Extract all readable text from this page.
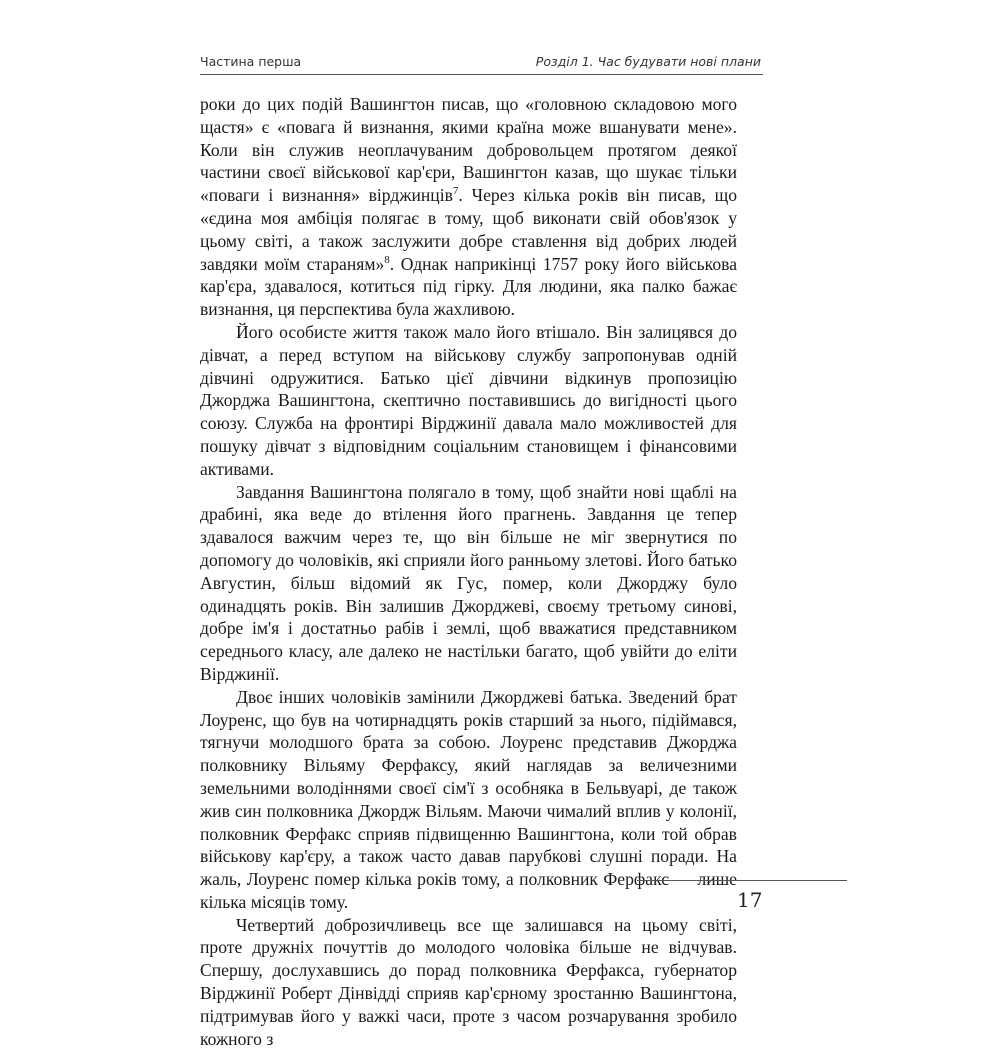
Частина перша	Розділ 1. Час будувати нові плани

роки до цих подій Вашингтон писав, що «головною складовою мого щастя» є «повага й визнання, якими країна може вшанувати мене». Коли він служив неоплачуваним добровольцем протягом деякої частини своєї військової кар'єри, Вашингтон казав, що шукає тільки «поваги і визнання» вірджинців$^7$. Через кілька років він писав, що «єдина моя амбіція полягає в тому, щоб виконати свій обов'язок у цьому світі, а також заслужити добре ставлення від добрих людей завдяки моїм стараням»$^8$. Однак наприкінці 1757 року його військова кар'єра, здавалося, котиться під гірку. Для людини, яка палко бажає визнання, ця перспектива була жахливою.

Його особисте життя також мало його втішало. Він залицявся до дівчат, а перед вступом на військову службу запропонував одній дівчині одружитися. Батько цієї дівчини відкинув пропозицію Джорджа Вашингтона, скептично поставившись до вигідності цього союзу. Служба на фронтирі Вірджинії давала мало можливостей для пошуку дівчат з відповідним соціальним становищем і фінансовими активами.

Завдання Вашингтона полягало в тому, щоб знайти нові щаблі на драбині, яка веде до втілення його прагнень. Завдання це тепер здавалося важчим через те, що він більше не міг звернутися по допомогу до чоловіків, які сприяли його ранньому злетові. Його батько Августин, більш відомий як Гус, помер, коли Джорджу було одинадцять років. Він залишив Джорджеві, своєму третьому синові, добре ім'я і достатньо рабів і землі, щоб вважатися представником середнього класу, але далеко не настільки багато, щоб увійти до еліти Вірджинії.

Двоє інших чоловіків замінили Джорджеві батька. Зведений брат Лоуренс, що був на чотирнадцять років старший за нього, підіймався, тягнучи молодшого брата за собою. Лоуренс представив Джорджа полковнику Вільяму Ферфаксу, який наглядав за величезними земельними володіннями своєї сім'ї з особняка в Бельвуарі, де також жив син полковника Джордж Вільям. Маючи чималий вплив у колонії, полковник Ферфакс сприяв підвищенню Вашингтона, коли той обрав військову кар'єру, а також часто давав парубкові слушні поради. На жаль, Лоуренс помер кілька років тому, а полковник Ферфакс — лише кілька місяців тому.

Четвертий доброзичливець все ще залишався на цьому світі, проте дружніх почуттів до молодого чоловіка більше не відчував. Спершу, дослухавшись до порад полковника Ферфакса, губернатор Вірджинії Роберт Дінвідді сприяв кар'єрному зростанню Вашингтона, підтримував його у важкі часи, проте з часом розчарування зробило кожного з

17
